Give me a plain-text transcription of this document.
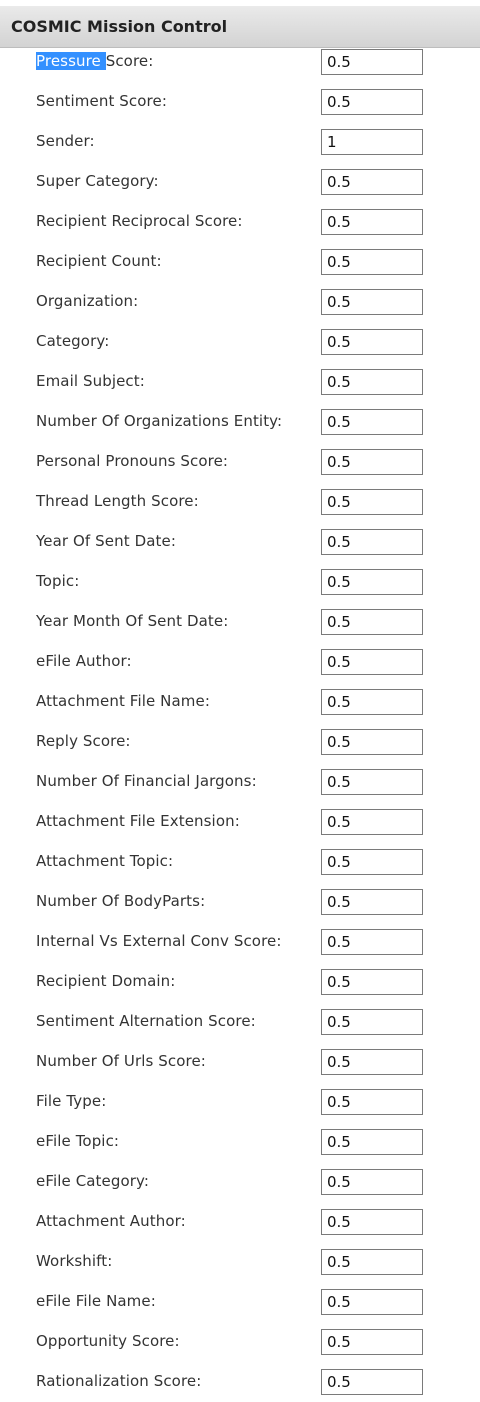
COSMIC Mission Control
Pressure Score:
0.5
Sentiment Score:
0.5
Sender:
1
Super Category:
0.5
Recipient Reciprocal Score:
0.5
Recipient Count:
0.5
Organization:
0.5
Category:
0.5
Email Subject:
0.5
Number Of Organizations Entity:
0.5
Personal Pronouns Score:
0.5
Thread Length Score:
0.5
Year Of Sent Date:
0.5
Topic:
0.5
Year Month Of Sent Date:
0.5
eFile Author:
0.5
Attachment File Name:
0.5
Reply Score:
0.5
Number Of Financial Jargons:
0.5
Attachment File Extension:
0.5
Attachment Topic:
0.5
Number Of BodyParts:
0.5
Internal Vs External Conv Score:
0.5
Recipient Domain:
0.5
Sentiment Alternation Score:
0.5
Number Of Urls Score:
0.5
File Type:
0.5
eFile Topic:
0.5
eFile Category:
0.5
Attachment Author:
0.5
Workshift:
0.5
eFile File Name:
0.5
Opportunity Score:
0.5
Rationalization Score:
0.5
